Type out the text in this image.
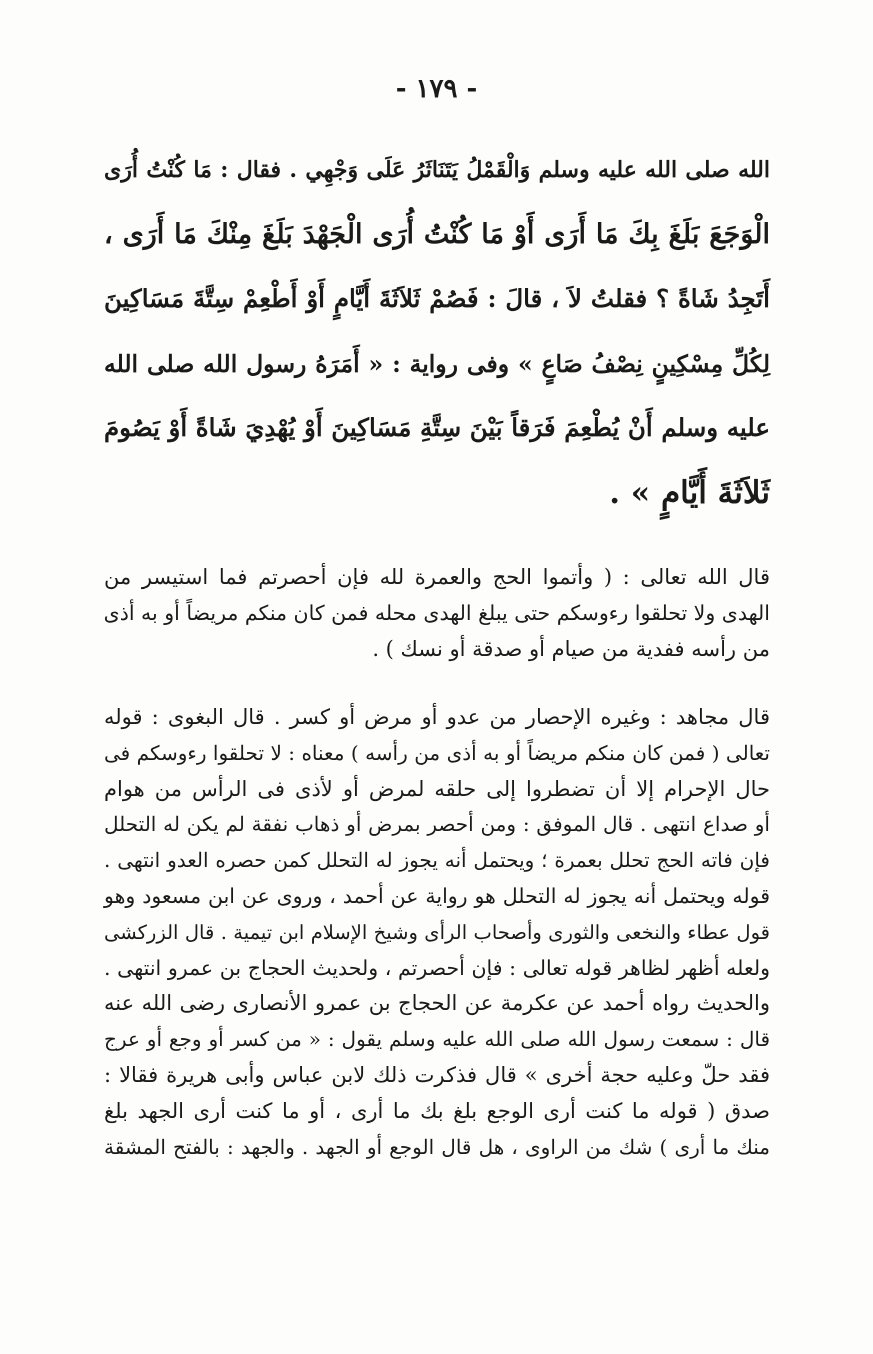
- ١٧٩ -
الله صلى الله عليه وسلم وَالْقَمْلُ يَتَنَاثَرُ عَلَى وَجْهِي . فقال : مَا كُنْتُ أُرَى
الْوَجَعَ بَلَغَ بِكَ مَا أَرَى أَوْ مَا كُنْتُ أُرَى الْجَهْدَ بَلَغَ مِنْكَ مَا أَرَى ،
أَتَجِدُ شَاةً ؟ فقلتُ لاَ ، قالَ : فَصُمْ ثَلاَثَةَ أَيَّامٍ أَوْ أَطْعِمْ سِتَّةَ مَسَاكِينَ
لِكُلِّ مِسْكِينٍ نِصْفُ صَاعٍ » وفى رواية : « أَمَرَهُ رسول الله صلى الله
عليه وسلم أَنْ يُطْعِمَ فَرَقاً بَيْنَ سِتَّةِ مَسَاكِينَ أَوْ يُهْدِيَ شَاةً أَوْ يَصُومَ
ثَلاَثَةَ أَيَّامٍ » .
قال الله تعالى : ( وأتموا الحج والعمرة لله فإن أحصرتم فما استيسر من
الهدى ولا تحلقوا رءوسكم حتى يبلغ الهدى محله فمن كان منكم مريضاً أو به أذى
من رأسه ففدية من صيام أو صدقة أو نسك ) .
قال مجاهد : وغيره الإحصار من عدو أو مرض أو كسر . قال البغوى : قوله
تعالى ( فمن كان منكم مريضاً أو به أذى من رأسه ) معناه : لا تحلقوا رءوسكم فى
حال الإحرام إلا أن تضطروا إلى حلقه لمرض أو لأذى فى الرأس من هوام
أو صداع انتهى . قال الموفق : ومن أحصر بمرض أو ذهاب نفقة لم يكن له التحلل
فإن فاته الحج تحلل بعمرة ؛ ويحتمل أنه يجوز له التحلل كمن حصره العدو انتهى .
قوله ويحتمل أنه يجوز له التحلل هو رواية عن أحمد ، وروى عن ابن مسعود وهو
قول عطاء والنخعى والثورى وأصحاب الرأى وشيخ الإسلام ابن تيمية . قال الزركشى
ولعله أظهر لظاهر قوله تعالى : فإن أحصرتم ، ولحديث الحجاج بن عمرو انتهى .
والحديث رواه أحمد عن عكرمة عن الحجاج بن عمرو الأنصارى رضى الله عنه
قال : سمعت رسول الله صلى الله عليه وسلم يقول : « من كسر أو وجع أو عرج
فقد حلّ وعليه حجة أخرى » قال فذكرت ذلك لابن عباس وأبى هريرة فقالا :
صدق ( قوله ما كنت أرى الوجع بلغ بك ما أرى ، أو ما كنت أرى الجهد بلغ
منك ما أرى ) شك من الراوى ، هل قال الوجع أو الجهد . والجهد : بالفتح المشقة
